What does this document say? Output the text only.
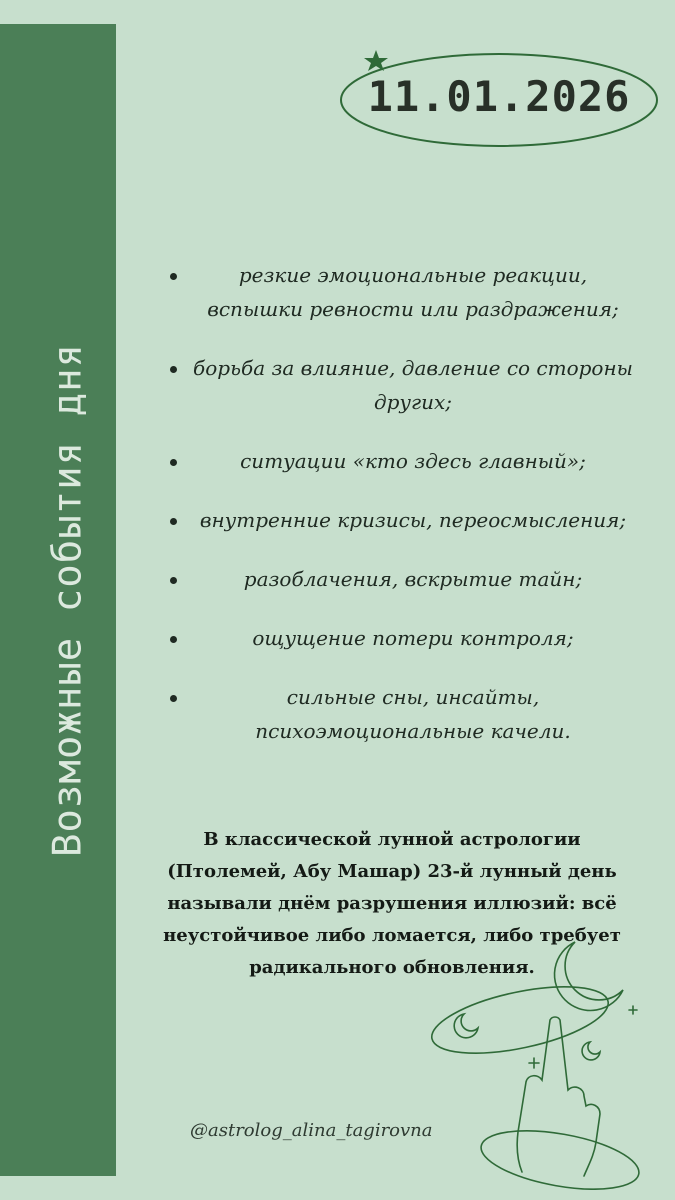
Возможные события дня
11.01.2026
резкие эмоциональные реакции, вспышки ревности или раздражения;
борьба за влияние, давление со стороны других;
ситуации «кто здесь главный»;
внутренние кризисы, переосмысления;
разоблачения, вскрытие тайн;
ощущение потери контроля;
сильные сны, инсайты, психоэмоциональные качели.
В классической лунной астрологии (Птолемей, Абу Машар) 23-й лунный день называли днём разрушения иллюзий: всё неустойчивое либо ломается, либо требует радикального обновления.
@astrolog_alina_tagirovna
